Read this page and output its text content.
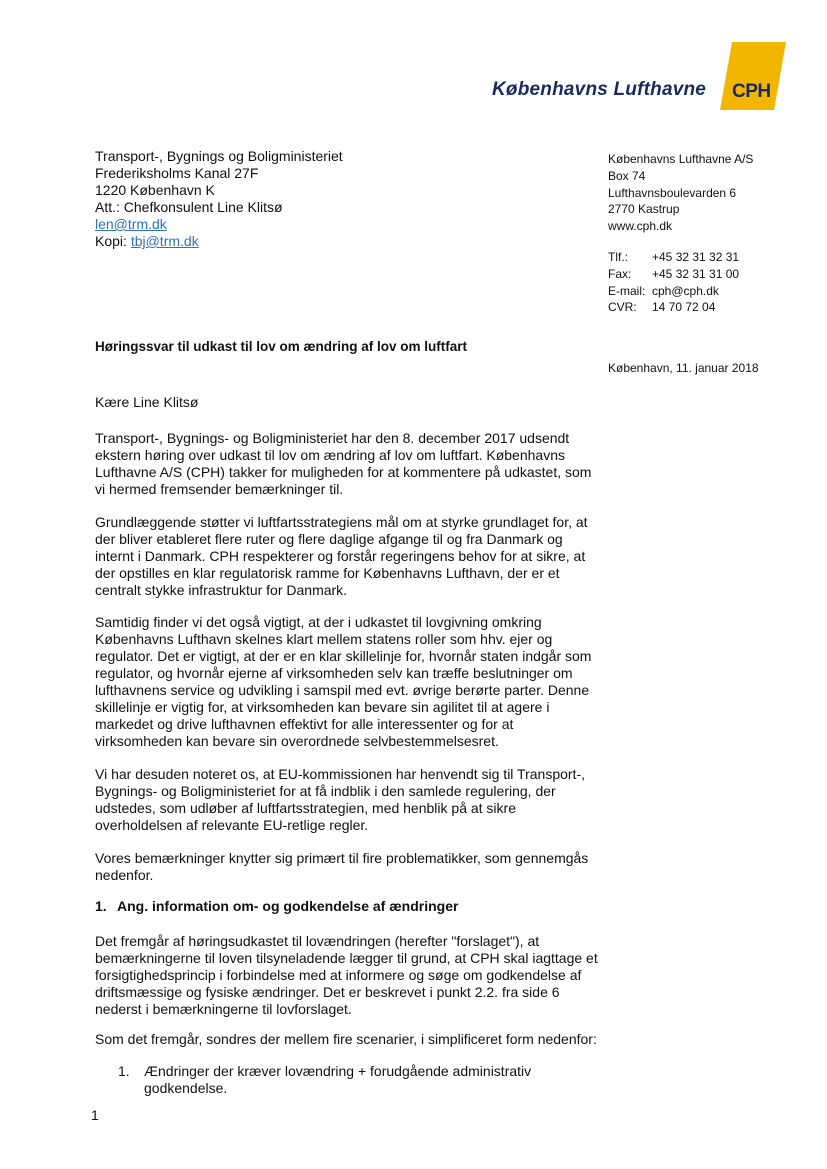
Københavns Lufthavne CPH
Transport-, Bygnings og Boligministeriet
Frederiksholms Kanal 27F
1220 København K
Att.: Chefkonsulent Line Klitsø
len@trm.dk
Kopi: tbj@trm.dk
Københavns Lufthavne A/S
Box 74
Lufthavnsboulevarden 6
2770 Kastrup
www.cph.dk
Tlf.:	+45 32 31 32 31
Fax:	+45 32 31 31 00
E-mail: cph@cph.dk
CVR:	14 70 72 04
Høringssvar til udkast til lov om ændring af lov om luftfart
København, 11. januar 2018
Kære Line Klitsø
Transport-, Bygnings- og Boligministeriet har den 8. december 2017 udsendt
ekstern høring over udkast til lov om ændring af lov om luftfart. Københavns
Lufthavne A/S (CPH) takker for muligheden for at kommentere på udkastet, som
vi hermed fremsender bemærkninger til.
Grundlæggende støtter vi luftfartsstrategiens mål om at styrke grundlaget for, at
der bliver etableret flere ruter og flere daglige afgange til og fra Danmark og
internt i Danmark. CPH respekterer og forstår regeringens behov for at sikre, at
der opstilles en klar regulatorisk ramme for Københavns Lufthavn, der er et
centralt stykke infrastruktur for Danmark.
Samtidig finder vi det også vigtigt, at der i udkastet til lovgivning omkring
Københavns Lufthavn skelnes klart mellem statens roller som hhv. ejer og
regulator. Det er vigtigt, at der er en klar skillelinje for, hvornår staten indgår som
regulator, og hvornår ejerne af virksomheden selv kan træffe beslutninger om
lufthavnens service og udvikling i samspil med evt. øvrige berørte parter. Denne
skillelinje er vigtig for, at virksomheden kan bevare sin agilitet til at agere i
markedet og drive lufthavnen effektivt for alle interessenter og for at
virksomheden kan bevare sin overordnede selvbestemmelsesret.
Vi har desuden noteret os, at EU-kommissionen har henvendt sig til Transport-,
Bygnings- og Boligministeriet for at få indblik i den samlede regulering, der
udstedes, som udløber af luftfartsstrategien, med henblik på at sikre
overholdelsen af relevante EU-retlige regler.
Vores bemærkninger knytter sig primært til fire problematikker, som gennemgås
nedenfor.
1. Ang. information om- og godkendelse af ændringer
Det fremgår af høringsudkastet til lovændringen (herefter "forslaget"), at
bemærkningerne til loven tilsyneladende lægger til grund, at CPH skal iagttage et
forsigtighedsprincip i forbindelse med at informere og søge om godkendelse af
driftsmæssige og fysiske ændringer. Det er beskrevet i punkt 2.2. fra side 6
nederst i bemærkningerne til lovforslaget.
Som det fremgår, sondres der mellem fire scenarier, i simplificeret form nedenfor:
1.	Ændringer der kræver lovændring + forudgående administrativ
godkendelse.
1
